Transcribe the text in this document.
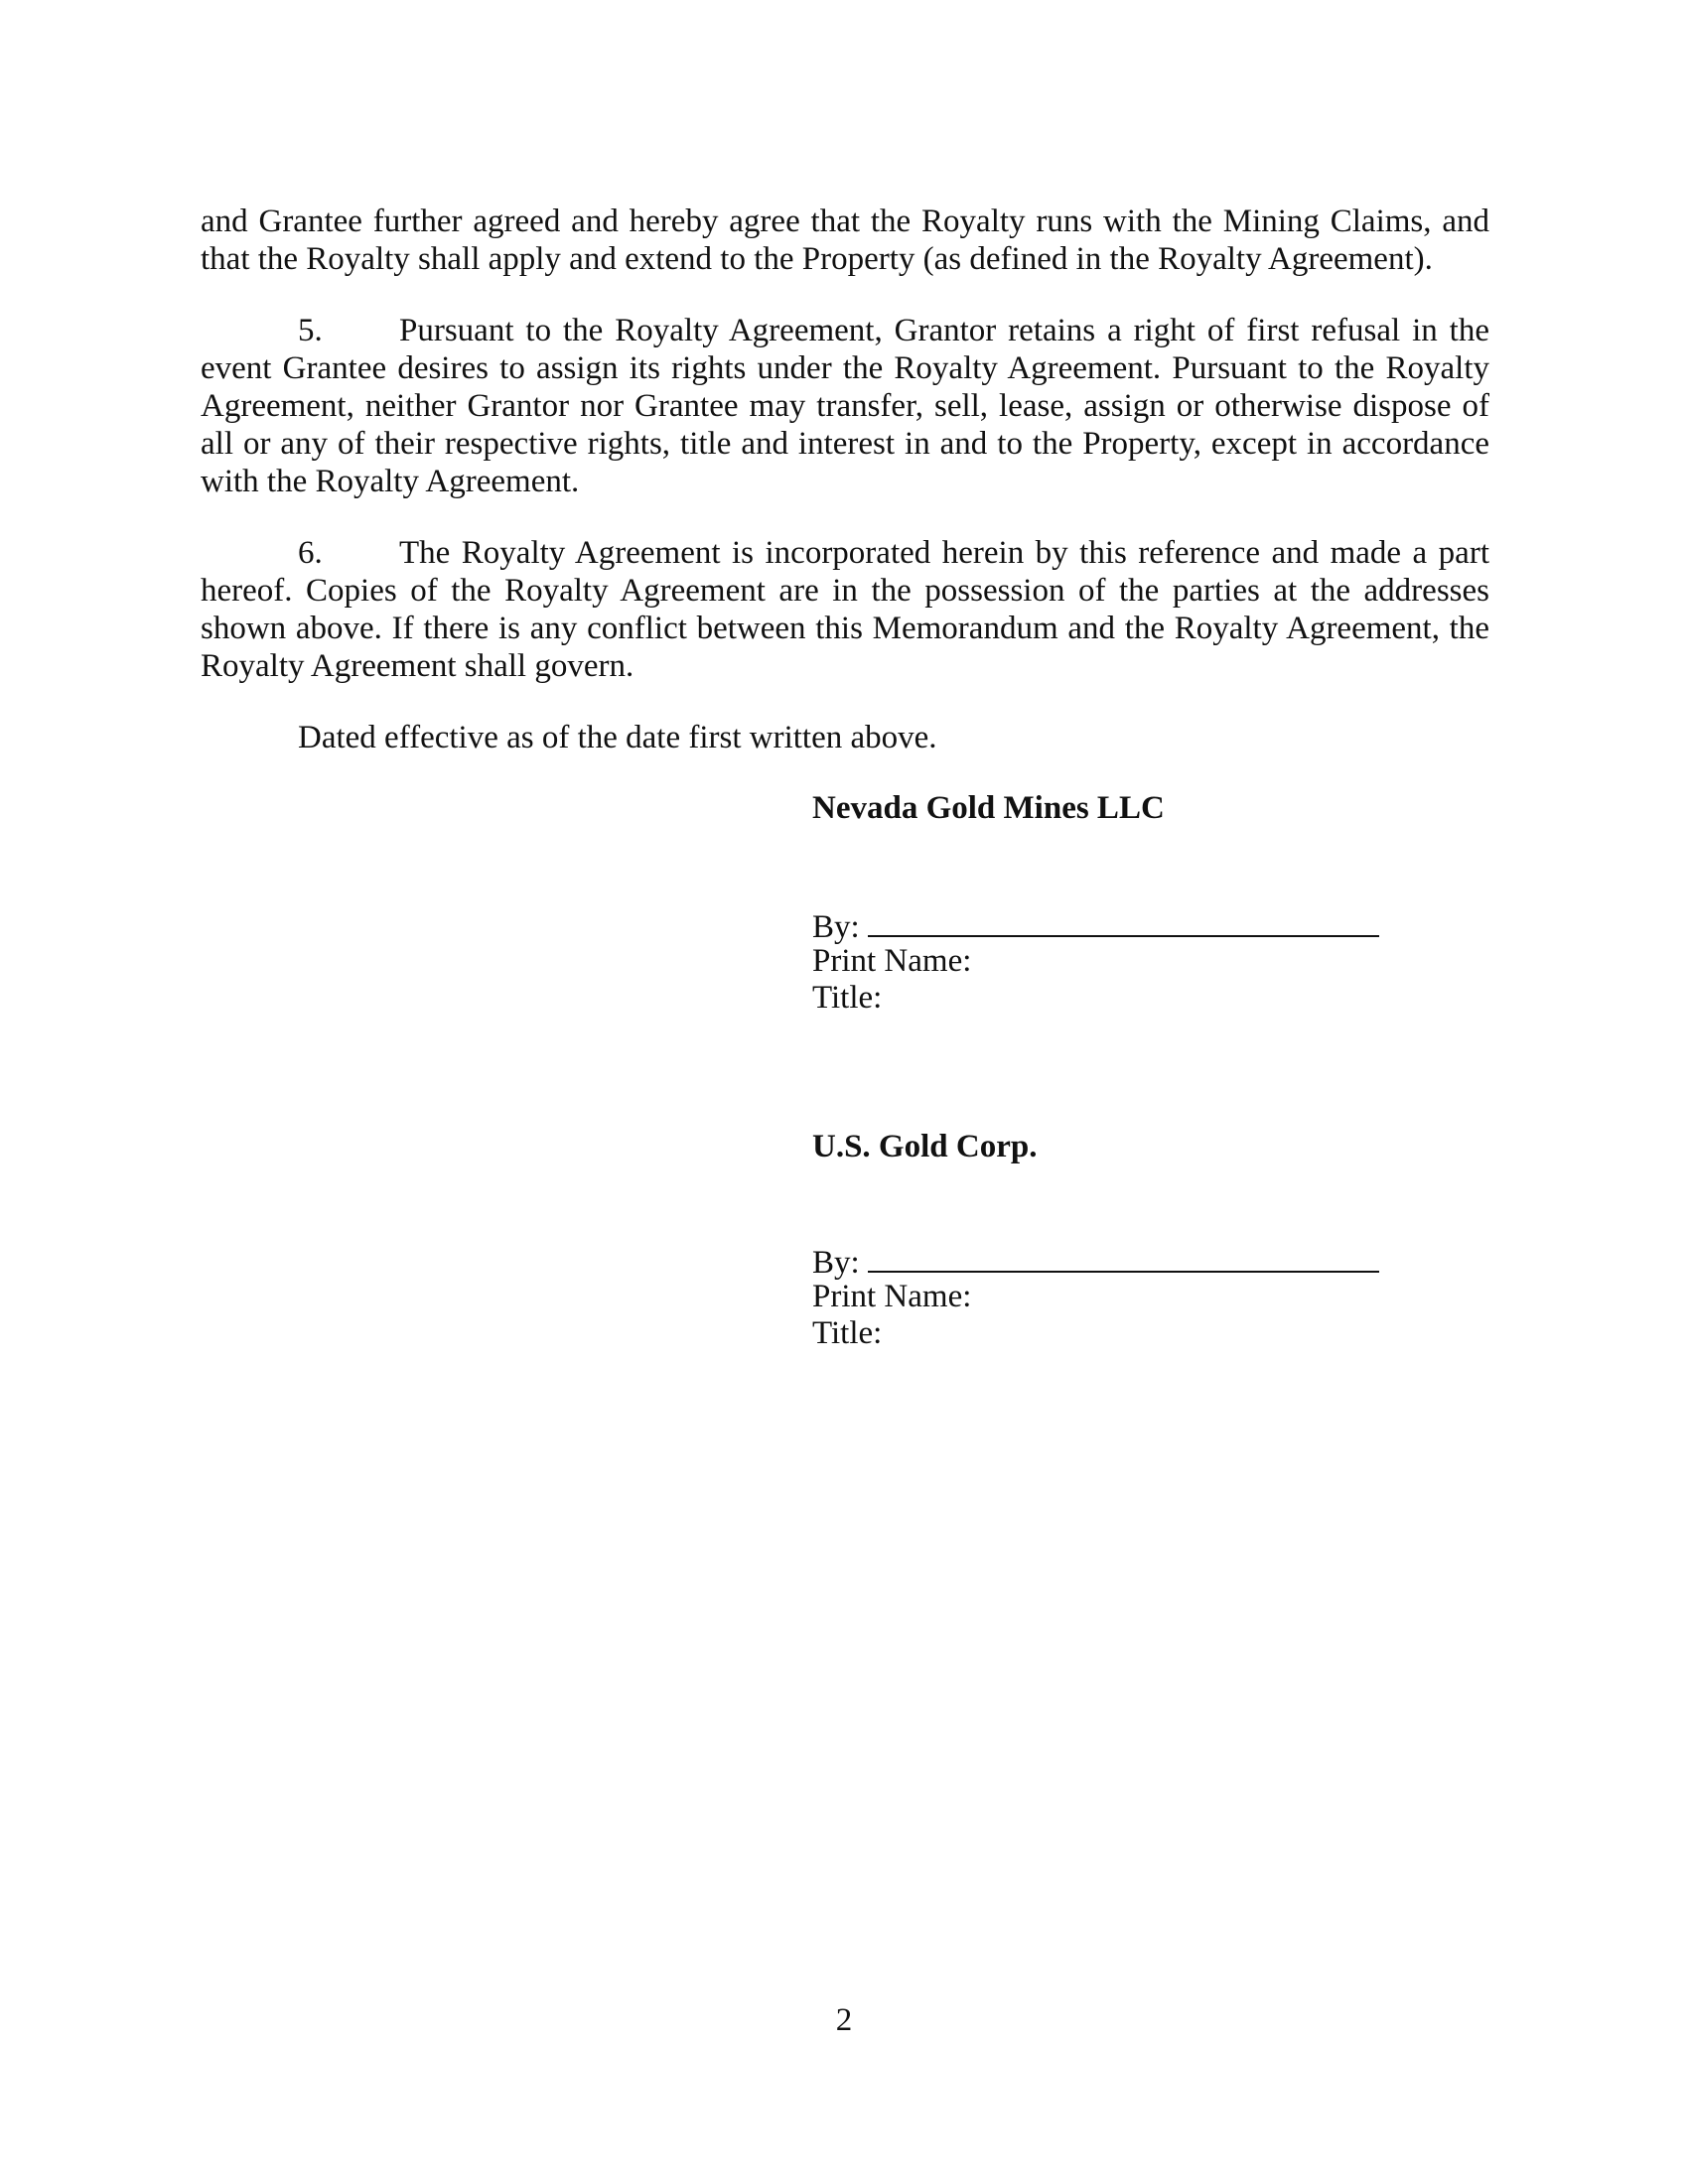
and Grantee further agreed and hereby agree that the Royalty runs with the Mining Claims, and
that the Royalty shall apply and extend to the Property (as defined in the Royalty Agreement).
5. Pursuant to the Royalty Agreement, Grantor retains a right of first refusal in the
event Grantee desires to assign its rights under the Royalty Agreement. Pursuant to the Royalty
Agreement, neither Grantor nor Grantee may transfer, sell, lease, assign or otherwise dispose of
all or any of their respective rights, title and interest in and to the Property, except in accordance
with the Royalty Agreement.
6. The Royalty Agreement is incorporated herein by this reference and made a part
hereof. Copies of the Royalty Agreement are in the possession of the parties at the addresses
shown above. If there is any conflict between this Memorandum and the Royalty Agreement, the
Royalty Agreement shall govern.
Dated effective as of the date first written above.
Nevada Gold Mines LLC
By:
Print Name:
Title:
U.S. Gold Corp.
By:
Print Name:
Title:
2
